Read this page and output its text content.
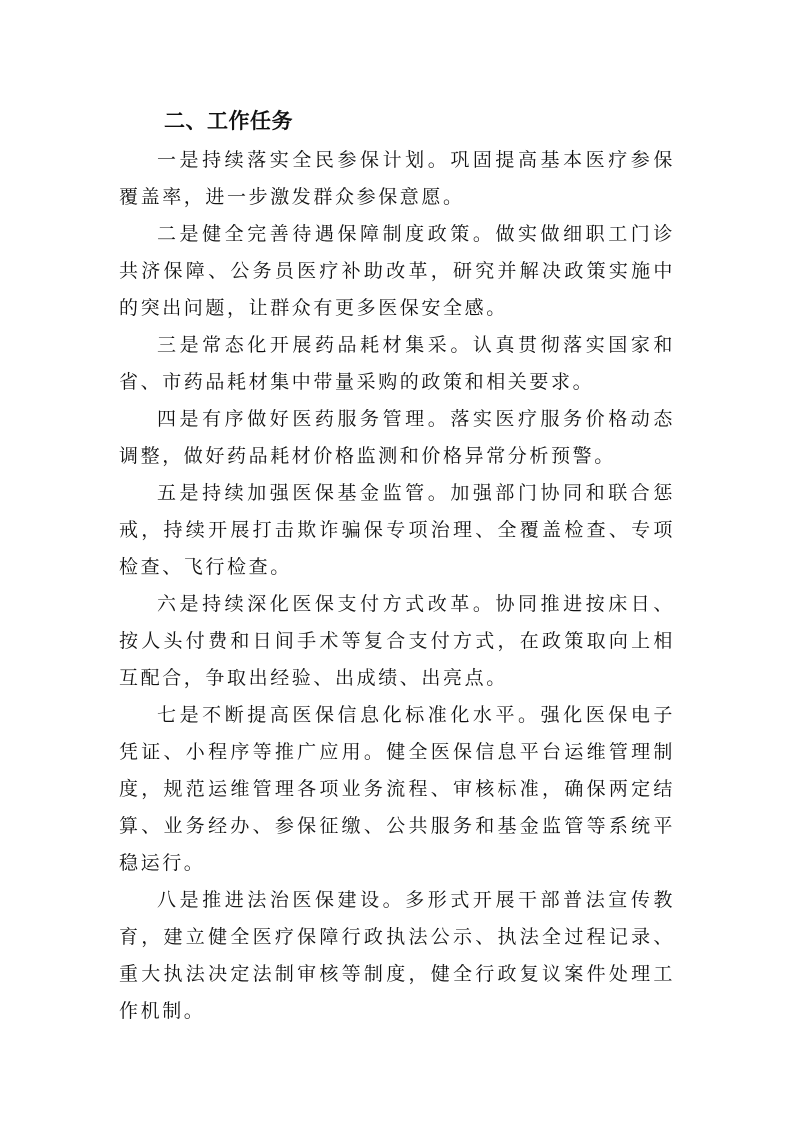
二、工作任务

一是持续落实全民参保计划。巩固提高基本医疗参保覆盖率，进一步激发群众参保意愿。

二是健全完善待遇保障制度政策。做实做细职工门诊共济保障、公务员医疗补助改革，研究并解决政策实施中的突出问题，让群众有更多医保安全感。

三是常态化开展药品耗材集采。认真贯彻落实国家和省、市药品耗材集中带量采购的政策和相关要求。

四是有序做好医药服务管理。落实医疗服务价格动态调整，做好药品耗材价格监测和价格异常分析预警。

五是持续加强医保基金监管。加强部门协同和联合惩戒，持续开展打击欺诈骗保专项治理、全覆盖检查、专项检查、飞行检查。

六是持续深化医保支付方式改革。协同推进按床日、按人头付费和日间手术等复合支付方式，在政策取向上相互配合，争取出经验、出成绩、出亮点。

七是不断提高医保信息化标准化水平。强化医保电子凭证、小程序等推广应用。健全医保信息平台运维管理制度，规范运维管理各项业务流程、审核标准，确保两定结算、业务经办、参保征缴、公共服务和基金监管等系统平稳运行。

八是推进法治医保建设。多形式开展干部普法宣传教育，建立健全医疗保障行政执法公示、执法全过程记录、重大执法决定法制审核等制度，健全行政复议案件处理工作机制。
